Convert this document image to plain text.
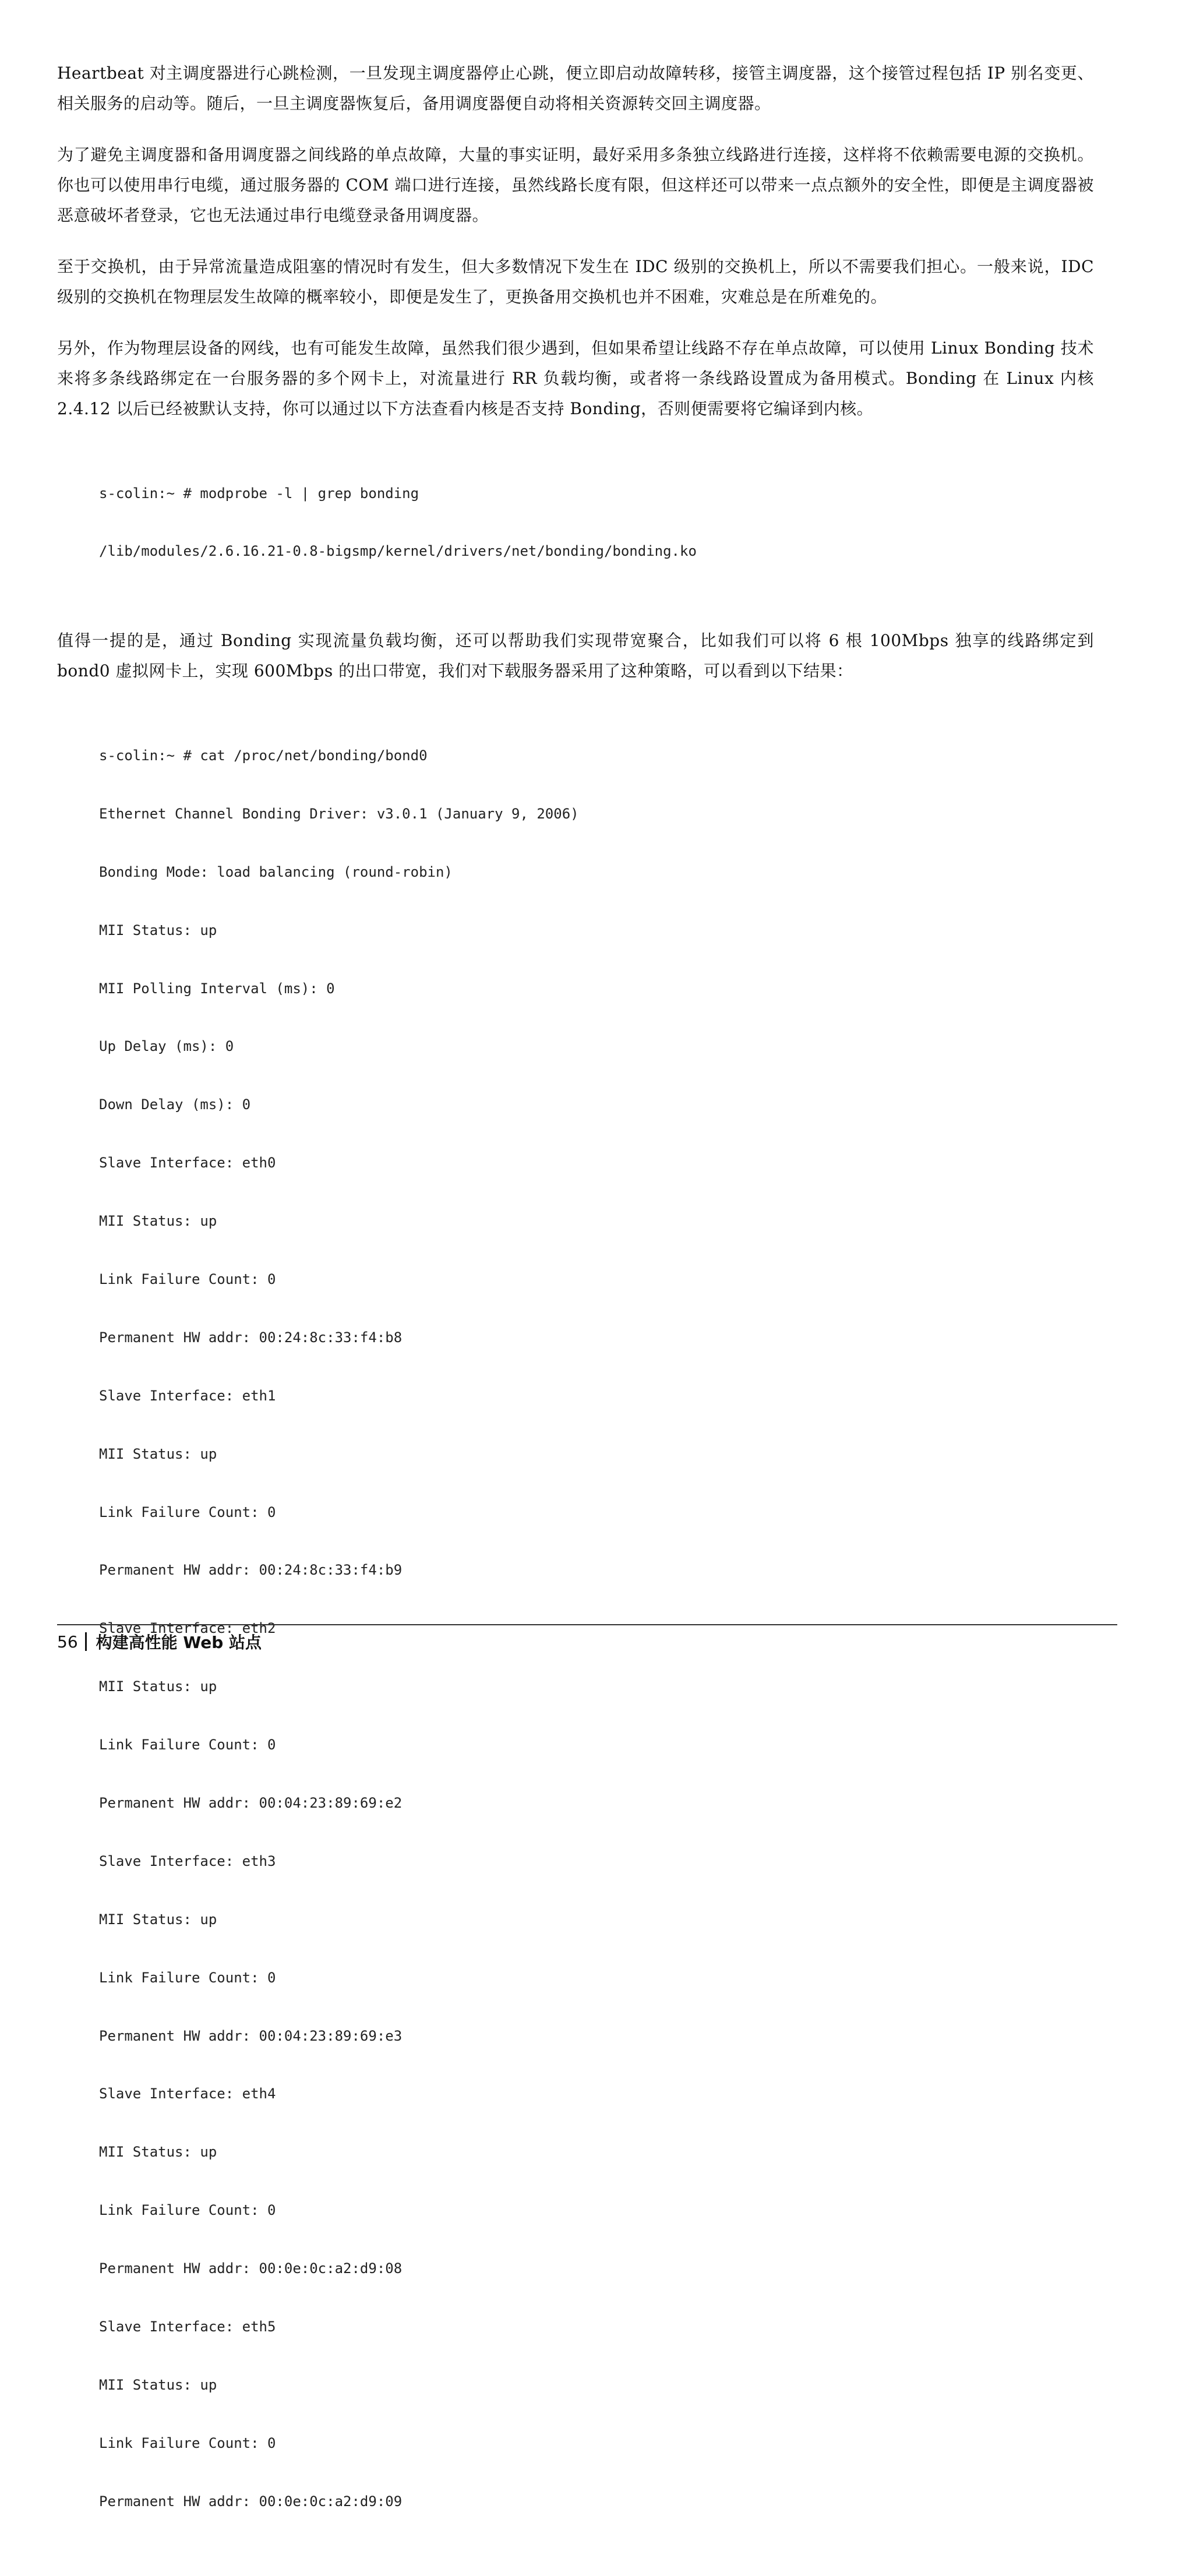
Heartbeat 对主调度器进行心跳检测，一旦发现主调度器停止心跳，便立即启动故障转移，接管主调度器，这个接管过程包括 IP 别名变更、相关服务的启动等。随后，一旦主调度器恢复后，备用调度器便自动将相关资源转交回主调度器。

为了避免主调度器和备用调度器之间线路的单点故障，大量的事实证明，最好采用多条独立线路进行连接，这样将不依赖需要电源的交换机。你也可以使用串行电缆，通过服务器的 COM 端口进行连接，虽然线路长度有限，但这样还可以带来一点点额外的安全性，即便是主调度器被恶意破坏者登录，它也无法通过串行电缆登录备用调度器。

至于交换机，由于异常流量造成阻塞的情况时有发生，但大多数情况下发生在 IDC 级别的交换机上，所以不需要我们担心。一般来说，IDC 级别的交换机在物理层发生故障的概率较小，即便是发生了，更换备用交换机也并不困难，灾难总是在所难免的。

另外，作为物理层设备的网线，也有可能发生故障，虽然我们很少遇到，但如果希望让线路不存在单点故障，可以使用 Linux Bonding 技术来将多条线路绑定在一台服务器的多个网卡上，对流量进行 RR 负载均衡，或者将一条线路设置成为备用模式。Bonding 在 Linux 内核 2.4.12 以后已经被默认支持，你可以通过以下方法查看内核是否支持 Bonding，否则便需要将它编译到内核。

s-colin:~ # modprobe -l | grep bonding

/lib/modules/2.6.16.21-0.8-bigsmp/kernel/drivers/net/bonding/bonding.ko

值得一提的是，通过 Bonding 实现流量负载均衡，还可以帮助我们实现带宽聚合，比如我们可以将 6 根 100Mbps 独享的线路绑定到 bond0 虚拟网卡上，实现 600Mbps 的出口带宽，我们对下载服务器采用了这种策略，可以看到以下结果：

s-colin:~ # cat /proc/net/bonding/bond0

Ethernet Channel Bonding Driver: v3.0.1 (January 9, 2006)

Bonding Mode: load balancing (round-robin)

MII Status: up

MII Polling Interval (ms): 0

Up Delay (ms): 0

Down Delay (ms): 0

Slave Interface: eth0

MII Status: up

Link Failure Count: 0

Permanent HW addr: 00:24:8c:33:f4:b8

Slave Interface: eth1

MII Status: up

Link Failure Count: 0

Permanent HW addr: 00:24:8c:33:f4:b9

Slave Interface: eth2

MII Status: up

Link Failure Count: 0

Permanent HW addr: 00:04:23:89:69:e2

Slave Interface: eth3

MII Status: up

Link Failure Count: 0

Permanent HW addr: 00:04:23:89:69:e3

Slave Interface: eth4

MII Status: up

Link Failure Count: 0

Permanent HW addr: 00:0e:0c:a2:d9:08

Slave Interface: eth5

MII Status: up

Link Failure Count: 0

Permanent HW addr: 00:0e:0c:a2:d9:09

56 构建高性能 Web 站点
